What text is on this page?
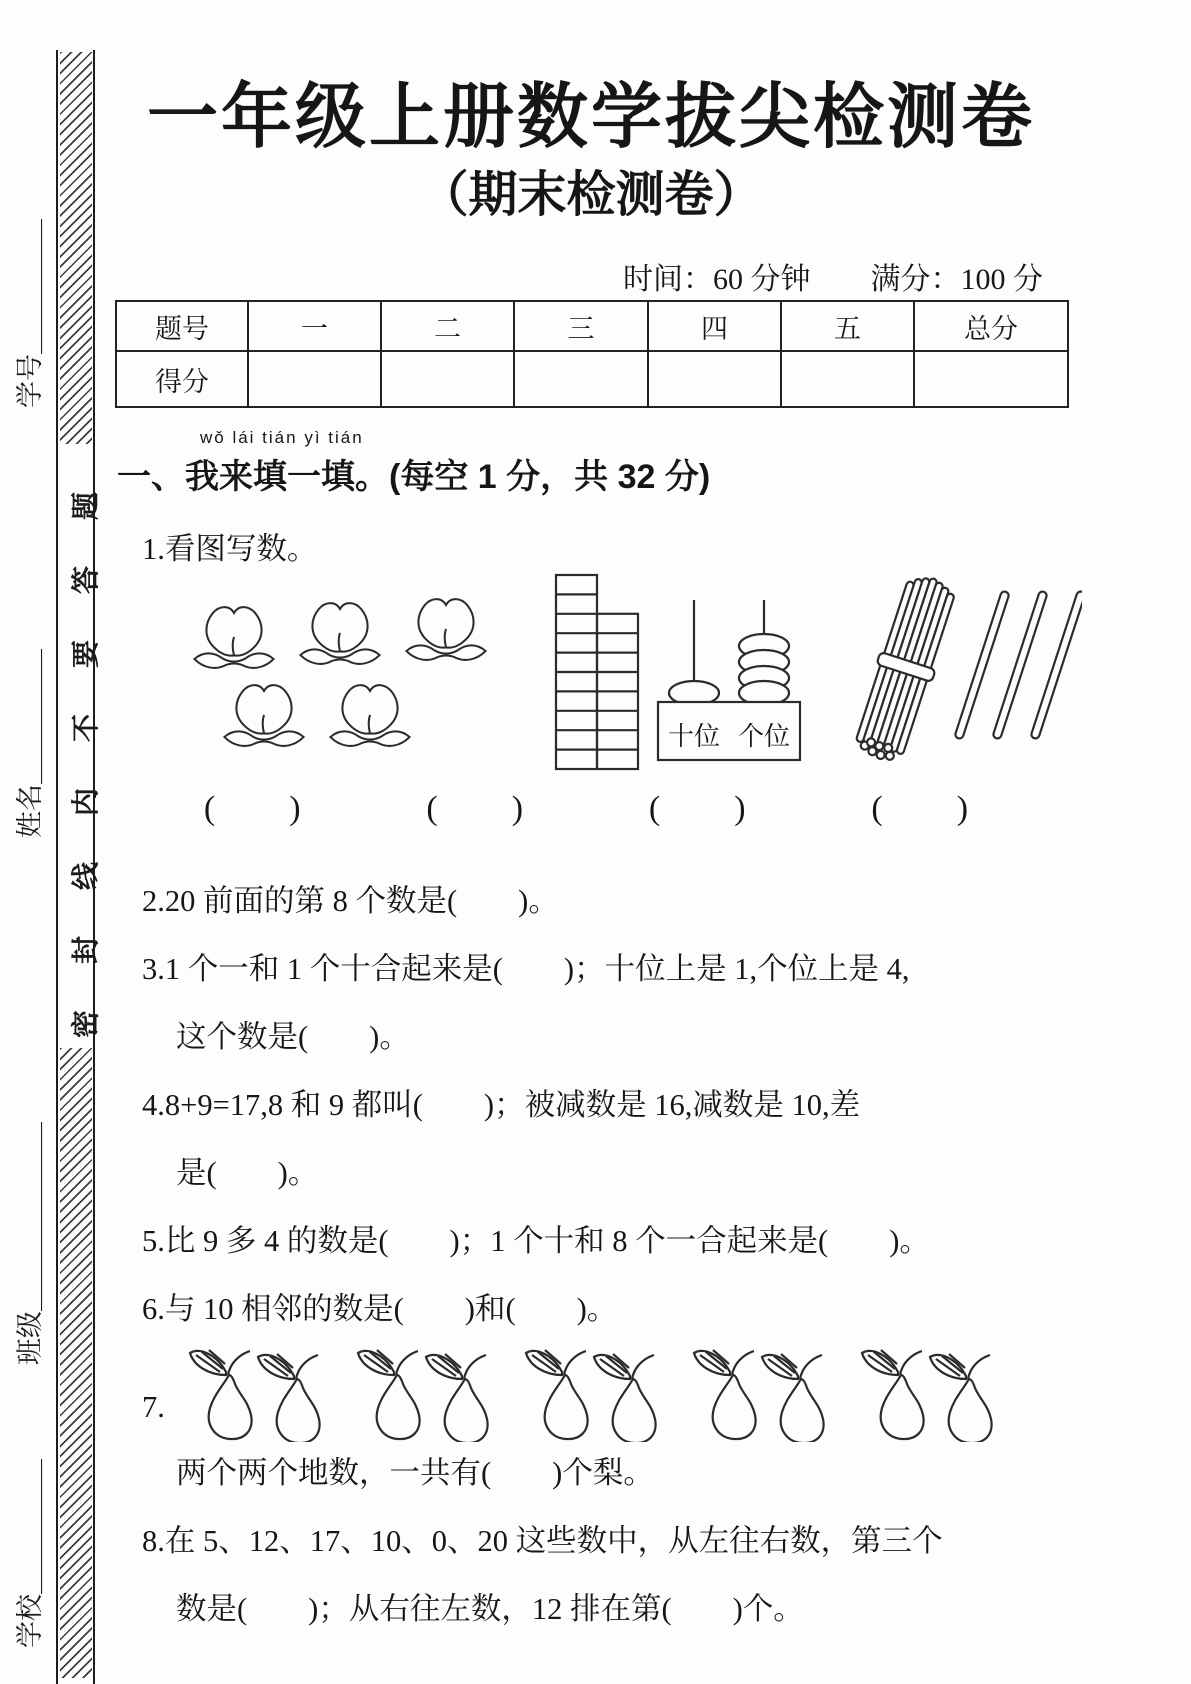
密封线内不要答题
学号＿＿＿＿＿
姓名＿＿＿＿＿
班级＿＿＿＿＿＿＿
学校＿＿＿＿＿
一年级上册数学拔尖检测卷
（期末检测卷）
时间：60 分钟　　满分：100 分
题号	一	二	三	四	五	总分
得分						
wǒ lái tián yì tián
一、我来填一填。(每空 1 分，共 32 分)
1.看图写数。
十位 个位
(　　)	(　　)	(　　)	(　　)
2.20 前面的第 8 个数是(　　)。
3.1 个一和 1 个十合起来是(　　)；十位上是 1,个位上是 4,
这个数是(　　)。
4.8+9=17,8 和 9 都叫(　　)；被减数是 16,减数是 10,差
是(　　)。
5.比 9 多 4 的数是(　　)；1 个十和 8 个一合起来是(　　)。
6.与 10 相邻的数是(　　)和(　　)。
7.
两个两个地数，一共有(　　)个梨。
8.在 5、12、17、10、0、20 这些数中，从左往右数，第三个
数是(　　)；从右往左数，12 排在第(　　)个。
